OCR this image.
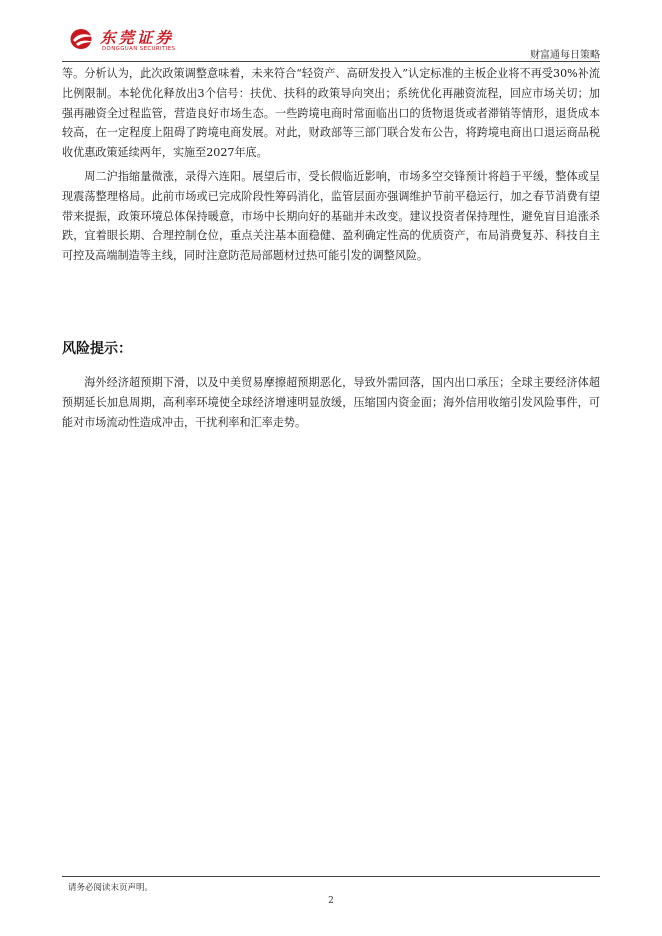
东莞证券
DONGGUAN SECURITIES
财富通每日策略

等。分析认为，此次政策调整意味着，未来符合“轻资产、高研发投入”认定标准的主板企业将不再受30%补流比例限制。本轮优化释放出3个信号：扶优、扶科的政策导向突出；系统优化再融资流程，回应市场关切；加强再融资全过程监管，营造良好市场生态。一些跨境电商时常面临出口的货物退货或者滞销等情形，退货成本较高，在一定程度上阻碍了跨境电商发展。对此，财政部等三部门联合发布公告，将跨境电商出口退运商品税收优惠政策延续两年，实施至2027年底。

周二沪指缩量微涨，录得六连阳。展望后市，受长假临近影响，市场多空交锋预计将趋于平缓，整体或呈现震荡整理格局。此前市场或已完成阶段性筹码消化，监管层面亦强调维护节前平稳运行，加之春节消费有望带来提振，政策环境总体保持暖意，市场中长期向好的基础并未改变。建议投资者保持理性，避免盲目追涨杀跌，宜着眼长期、合理控制仓位，重点关注基本面稳健、盈利确定性高的优质资产，布局消费复苏、科技自主可控及高端制造等主线，同时注意防范局部题材过热可能引发的调整风险。

风险提示：

海外经济超预期下滑，以及中美贸易摩擦超预期恶化，导致外需回落，国内出口承压；全球主要经济体超预期延长加息周期，高利率环境使全球经济增速明显放缓，压缩国内资金面；海外信用收缩引发风险事件，可能对市场流动性造成冲击，干扰利率和汇率走势。

请务必阅读末页声明。
2
